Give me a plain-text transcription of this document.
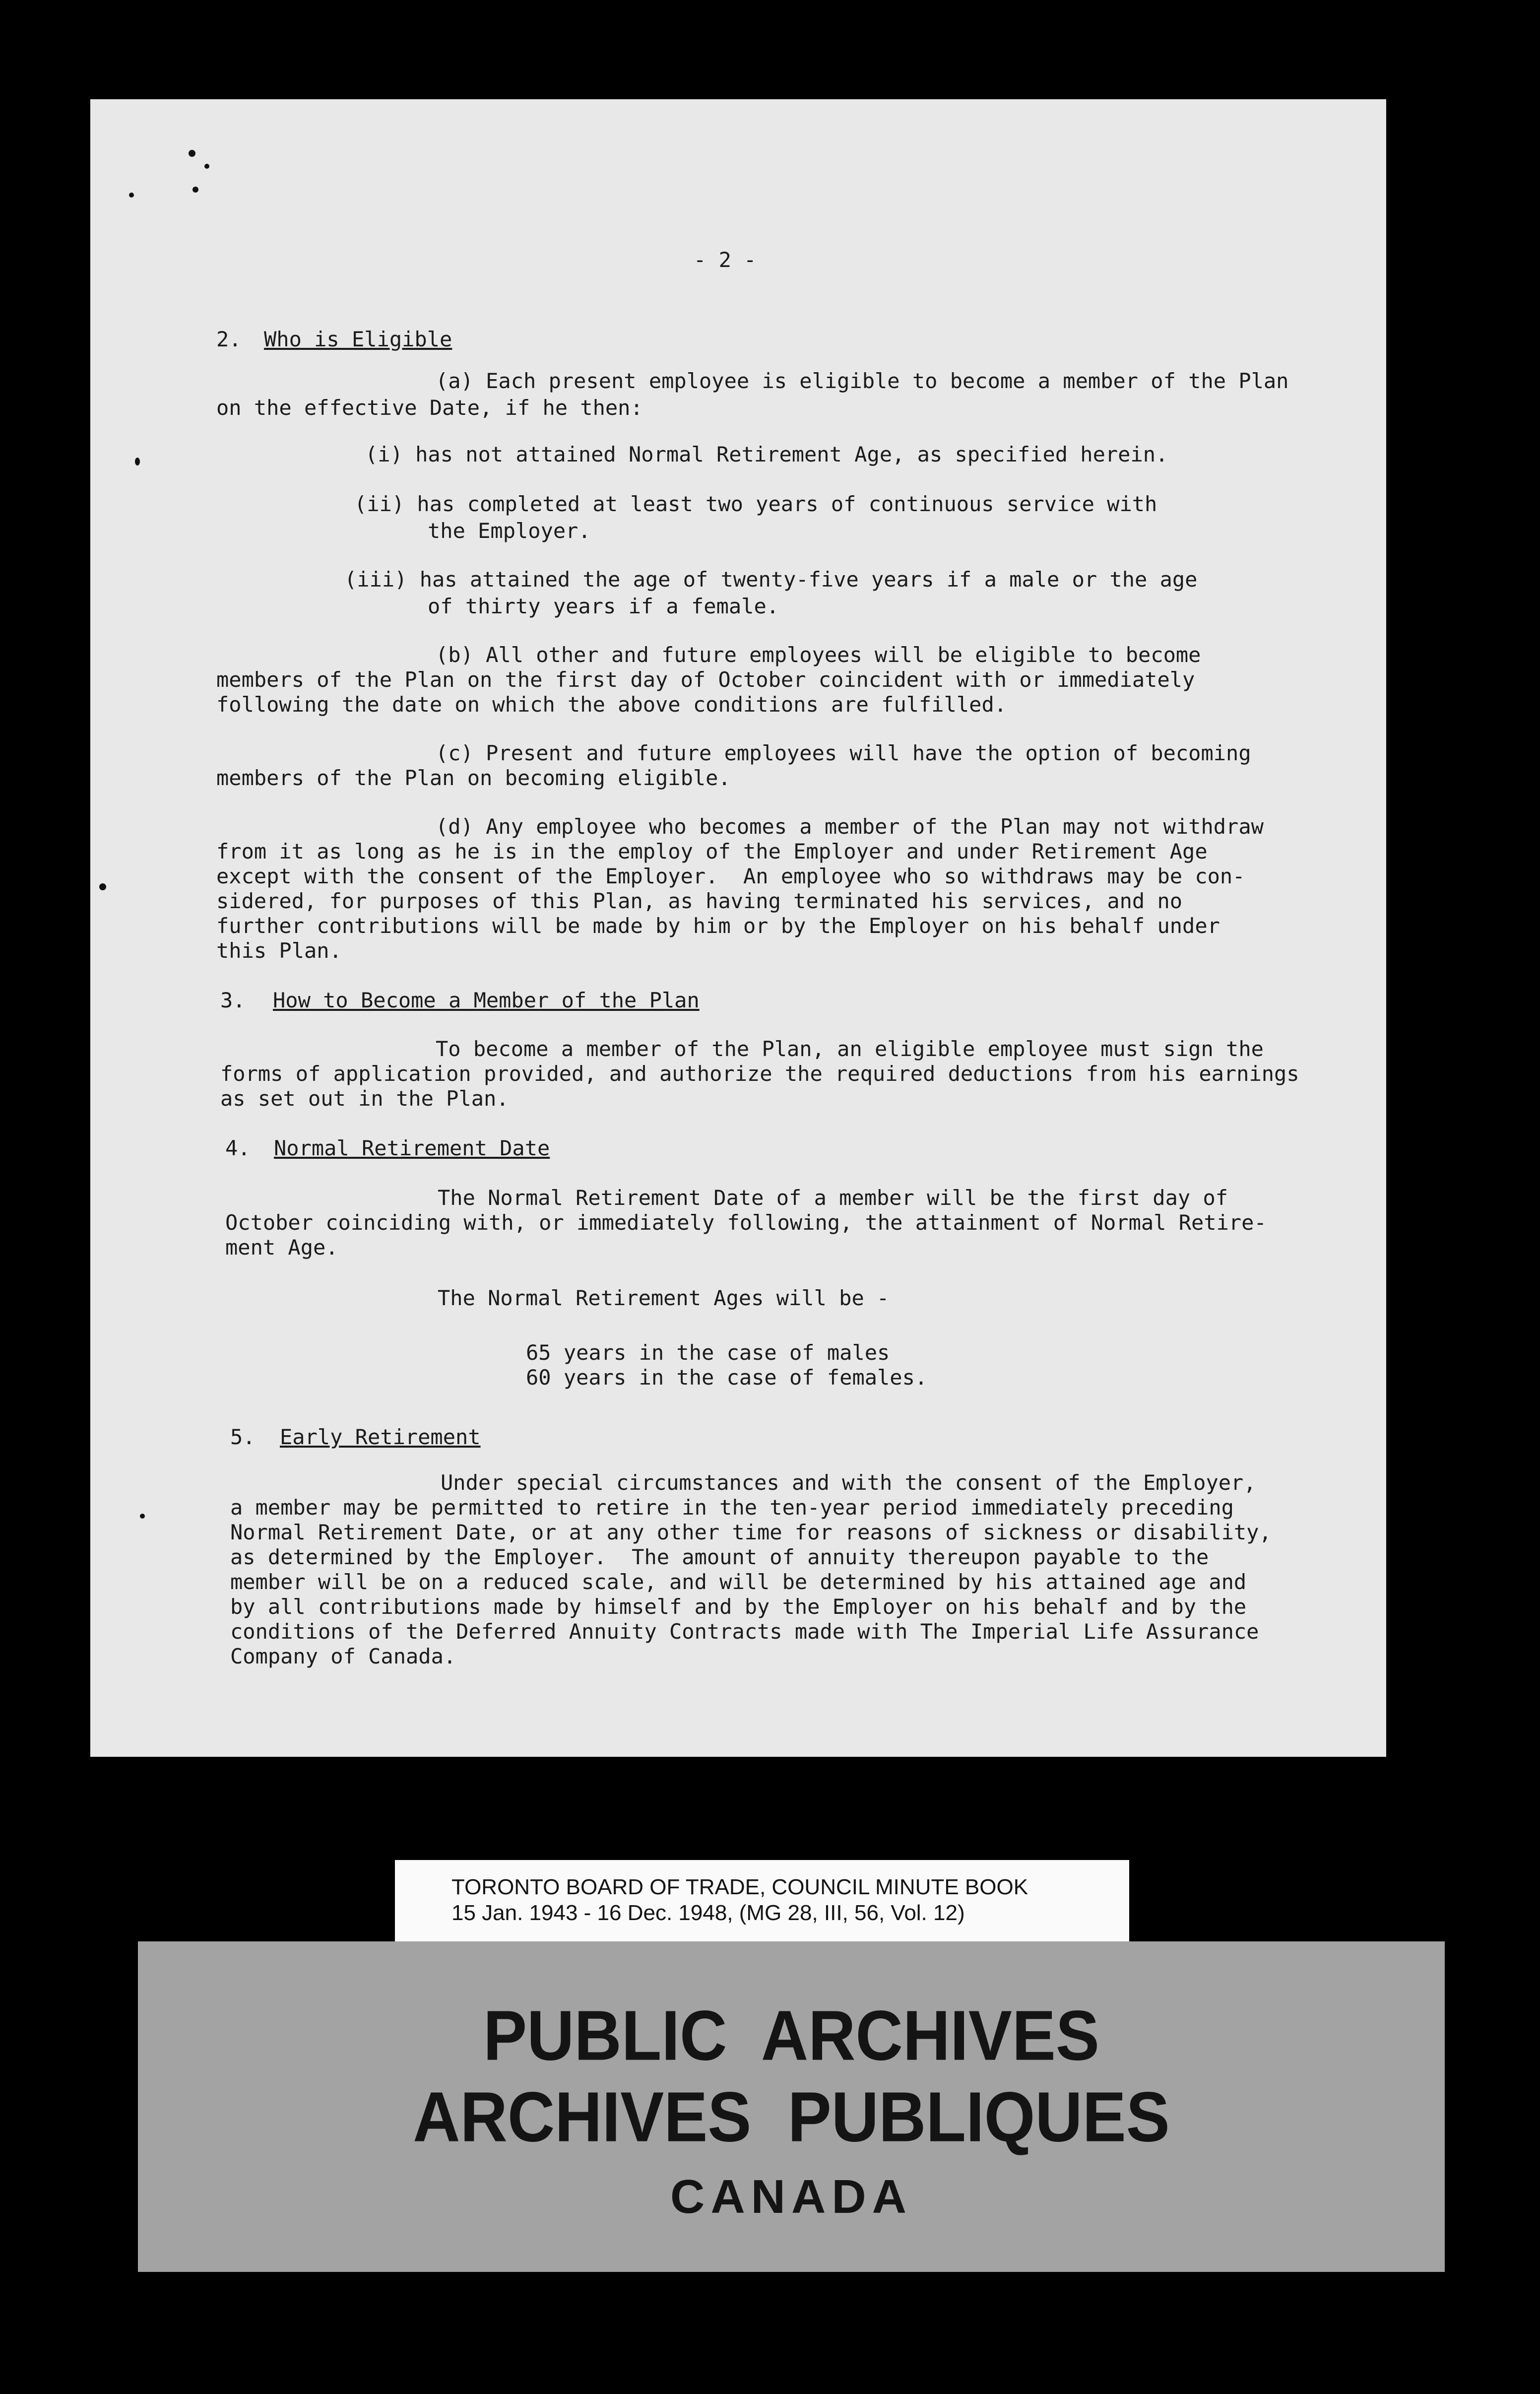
- 2 -

2.

Who is Eligible

(a) Each present employee is eligible to become a member of the Plan

on the effective Date, if he then:

(i) has not attained Normal Retirement Age, as specified herein.

(ii) has completed at least two years of continuous service with

the Employer.

(iii) has attained the age of twenty-five years if a male or the age

of thirty years if a female.

(b) All other and future employees will be eligible to become

members of the Plan on the first day of October coincident with or immediately

following the date on which the above conditions are fulfilled.

(c) Present and future employees will have the option of becoming

members of the Plan on becoming eligible.

(d) Any employee who becomes a member of the Plan may not withdraw

from it as long as he is in the employ of the Employer and under Retirement Age

except with the consent of the Employer.  An employee who so withdraws may be con-

sidered, for purposes of this Plan, as having terminated his services, and no

further contributions will be made by him or by the Employer on his behalf under

this Plan.

3.

How to Become a Member of the Plan

To become a member of the Plan, an eligible employee must sign the

forms of application provided, and authorize the required deductions from his earnings

as set out in the Plan.

4.

Normal Retirement Date

The Normal Retirement Date of a member will be the first day of

October coinciding with, or immediately following, the attainment of Normal Retire-

ment Age.

The Normal Retirement Ages will be -

65 years in the case of males

60 years in the case of females.

5.

Early Retirement

Under special circumstances and with the consent of the Employer,

a member may be permitted to retire in the ten-year period immediately preceding

Normal Retirement Date, or at any other time for reasons of sickness or disability,

as determined by the Employer.  The amount of annuity thereupon payable to the

member will be on a reduced scale, and will be determined by his attained age and

by all contributions made by himself and by the Employer on his behalf and by the

conditions of the Deferred Annuity Contracts made with The Imperial Life Assurance

Company of Canada.

TORONTO BOARD OF TRADE, COUNCIL MINUTE BOOK
15 Jan. 1943 - 16 Dec. 1948, (MG 28, III, 56, Vol. 12)
PUBLIC  ARCHIVES
ARCHIVES  PUBLIQUES
CANADA
